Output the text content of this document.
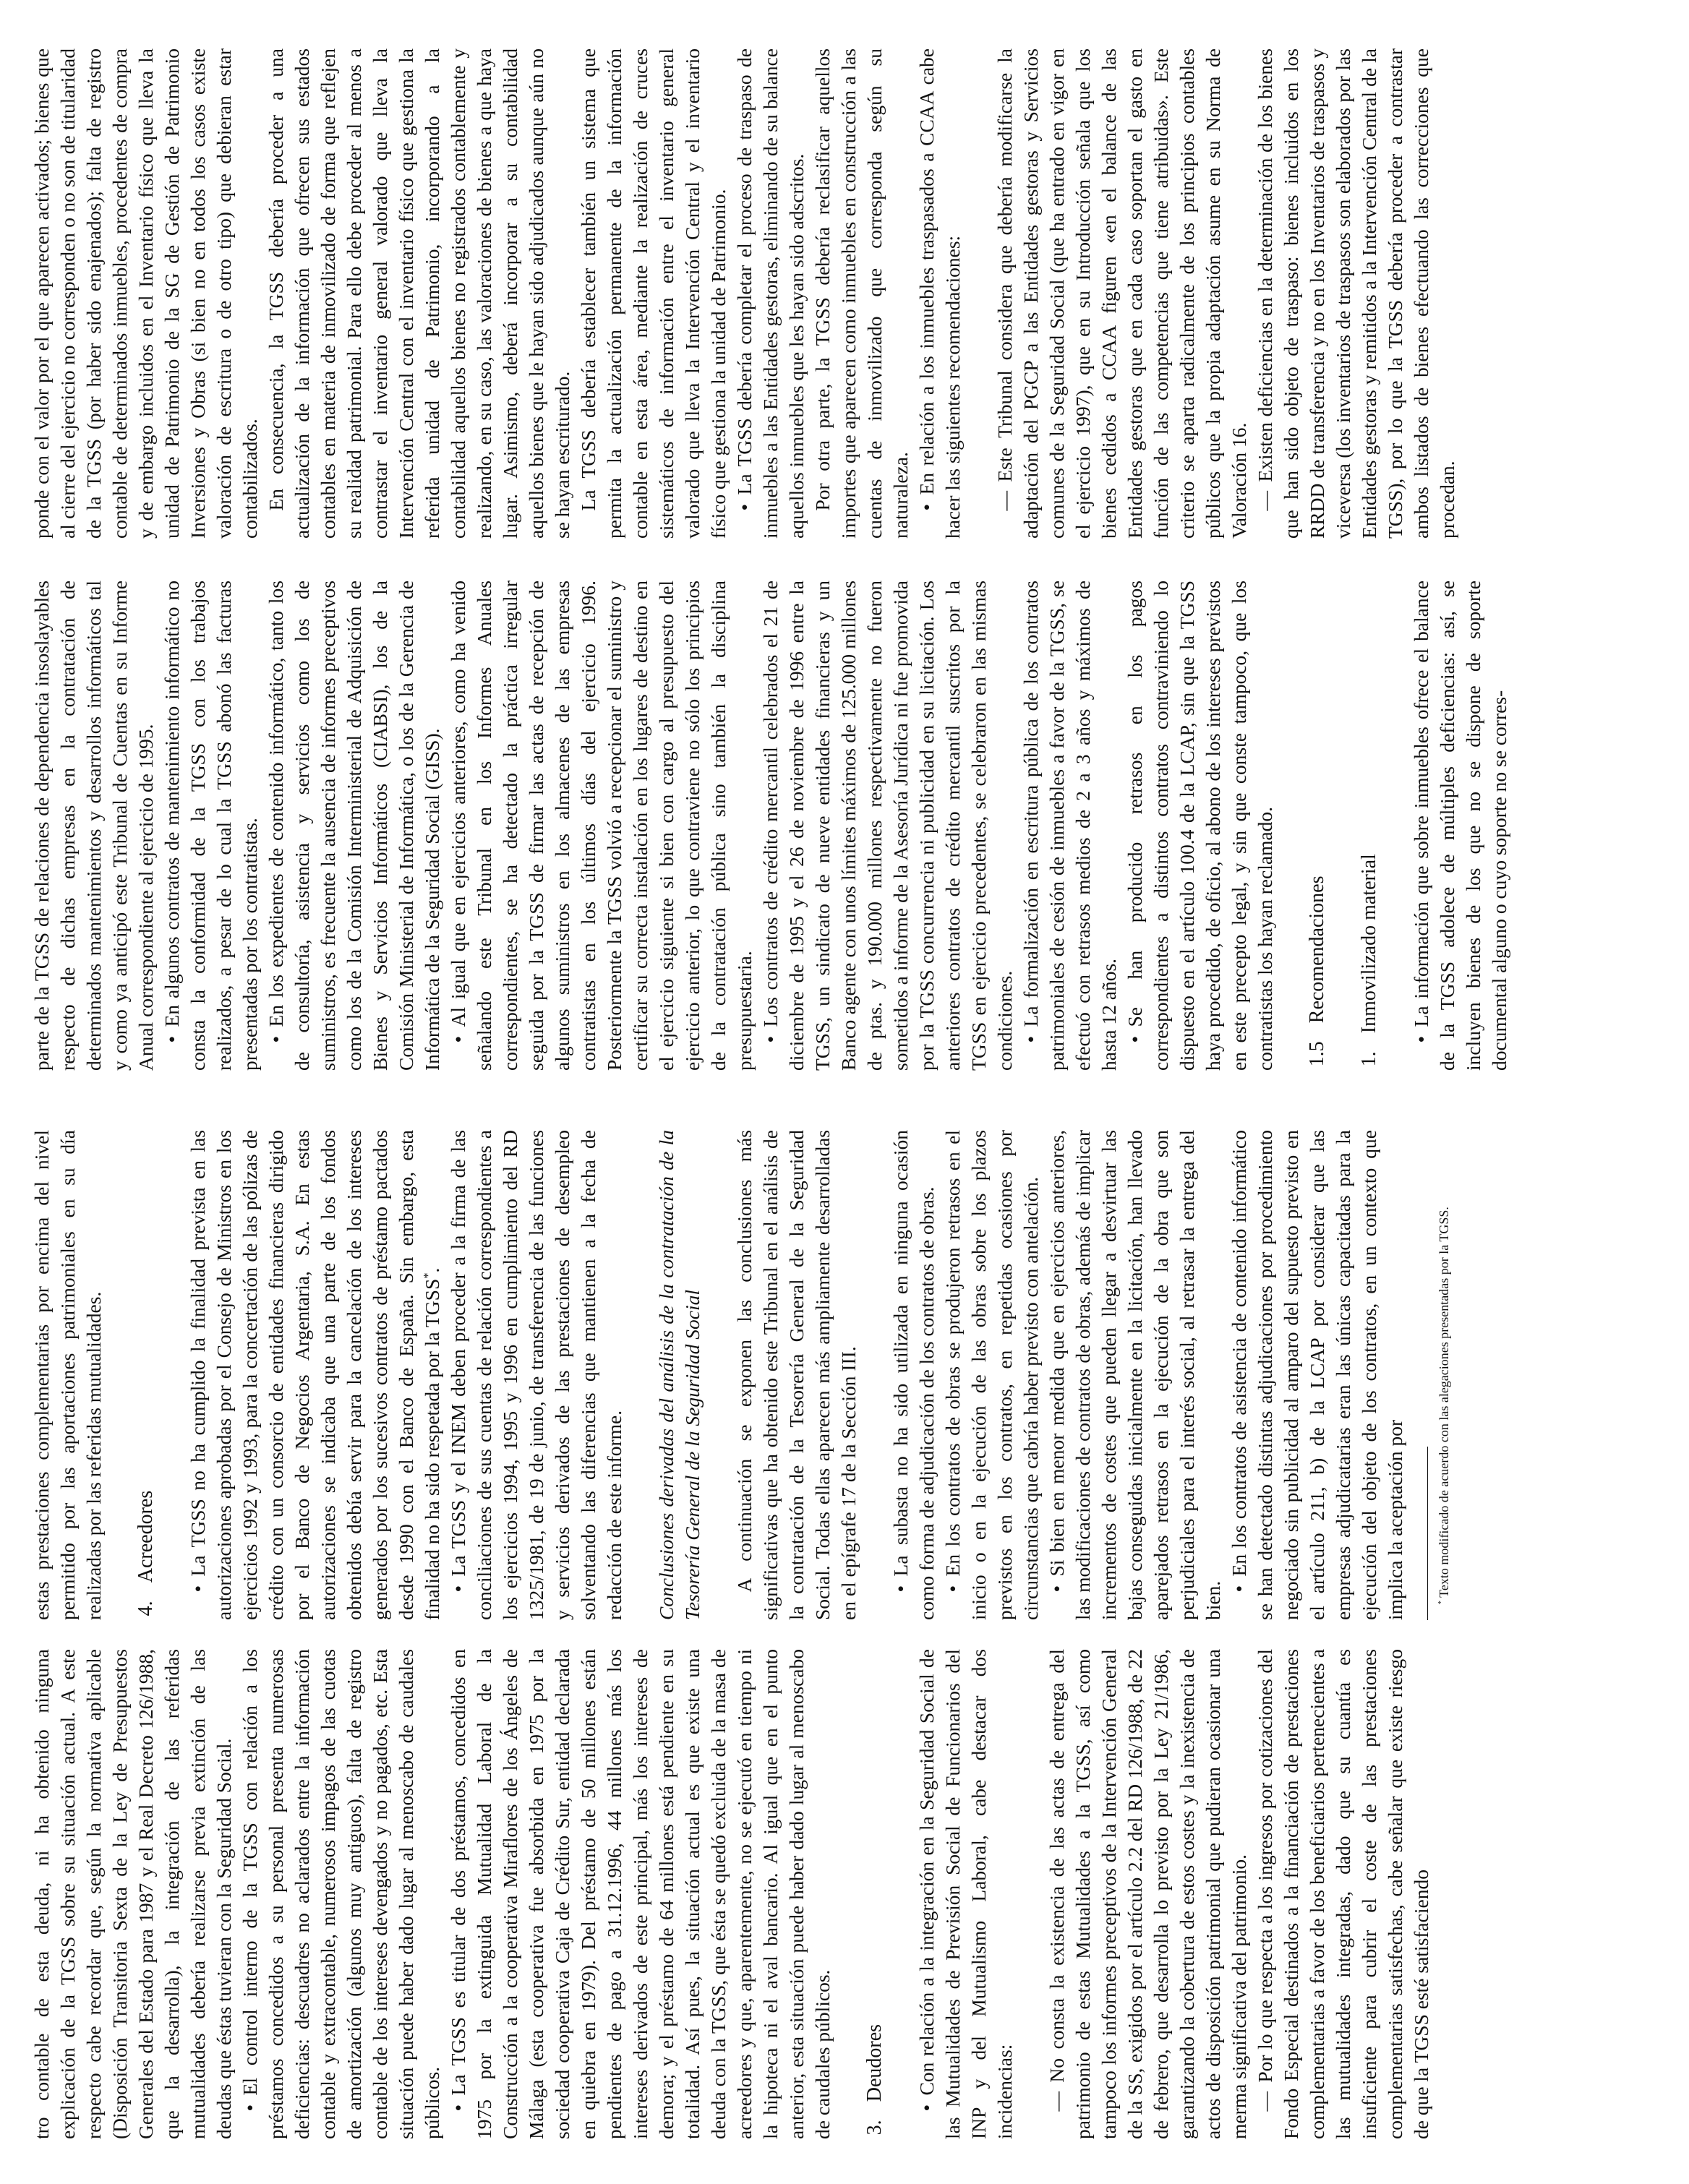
tro contable de esta deuda, ni ha obtenido ninguna explicación de la TGSS sobre su situación actual. A este respecto cabe recordar que, según la normativa aplicable (Disposición Transitoria Sexta de la Ley de Presupuestos Generales del Estado para 1987 y el Real Decreto 126/1988, que la desarrolla), la integración de las referidas mutualidades debería realizarse previa extinción de las deudas que éstas tuvieran con la Seguridad Social. • El control interno de la TGSS con relación a los préstamos concedidos a su personal presenta numerosas deficiencias: descuadres no aclarados entre la información contable y extracontable, numerosos impagos de las cuotas de amortización (algunos muy antiguos), falta de registro contable de los intereses devengados y no pagados, etc. Esta situación puede haber dado lugar al menoscabo de caudales públicos.

• La TGSS es titular de dos préstamos, concedidos en 1975 por la extinguida Mutualidad Laboral de la Construcción a la cooperativa Miraflores de los Ángeles de Málaga (esta cooperativa fue absorbida en 1975 por la sociedad cooperativa Caja de Crédito Sur, entidad declarada en quiebra en 1979). Del préstamo de 50 millones están pendientes de pago a 31.12.1996, 44 millones más los intereses derivados de este principal, más los intereses de demora; y el préstamo de 64 millones está pendiente en su totalidad. Así pues, la situación actual es que existe una deuda con la TGSS, que ésta se quedó excluida de la masa de acreedores y que, aparentemente, no se ejecutó en tiempo ni la hipoteca ni el aval bancario. Al igual que en el punto anterior, esta situación puede haber dado lugar al menoscabo de caudales públicos. 3.Deudores • Con relación a la integración en la Seguridad Social de las Mutualidades de Previsión Social de Funcionarios del INP y del Mutualismo Laboral, cabe destacar dos incidencias:

— No consta la existencia de las actas de entrega del patrimonio de estas Mutualidades a la TGSS, así como tampoco los informes preceptivos de la Intervención General de la SS, exigidos por el artículo 2.2 del RD 126/1988, de 22 de febrero, que desarrolla lo previsto por la Ley 21/1986, garantizando la cobertura de estos costes y la inexistencia de actos de disposición patrimonial que pudieran ocasionar una merma significativa del patrimonio. — Por lo que respecta a los ingresos por cotizaciones del Fondo Especial destinados a la financiación de prestaciones complementarias a favor de los beneficiarios pertenecientes a las mutualidades integradas, dado que su cuantía es insuficiente para cubrir el coste de las prestaciones complementarias satisfechas, cabe señalar que existe riesgo de que la TGSS esté satisfaciendo

estas prestaciones complementarias por encima del nivel permitido por las aportaciones patrimoniales en su día realizadas por las referidas mutualidades. 4.Acreedores • La TGSS no ha cumplido la finalidad prevista en las autorizaciones aprobadas por el Consejo de Ministros en los ejercicios 1992 y 1993, para la concertación de las pólizas de crédito con un consorcio de entidades financieras dirigido por el Banco de Negocios Argentaria, S.A. En estas autorizaciones se indicaba que una parte de los fondos obtenidos debía servir para la cancelación de los intereses generados por los sucesivos contratos de préstamo pactados desde 1990 con el Banco de España. Sin embargo, esta finalidad no ha sido respetada por la TGSS*. • La TGSS y el INEM deben proceder a la firma de las conciliaciones de sus cuentas de relación correspondientes a los ejercicios 1994, 1995 y 1996 en cumplimiento del RD 1325/1981, de 19 de junio, de transferencia de las funciones y servicios derivados de las prestaciones de desempleo solventando las diferencias que mantienen a la fecha de redacción de este informe. Conclusiones derivadas del análisis de la contratación de la Tesorería General de la Seguridad Social A continuación se exponen las conclusiones más significativas que ha obtenido este Tribunal en el análisis de la contratación de la Tesorería General de la Seguridad Social. Todas ellas aparecen más ampliamente desarrolladas en el epígrafe 17 de la Sección III. • La subasta no ha sido utilizada en ninguna ocasión como forma de adjudicación de los contratos de obras. • En los contratos de obras se produjeron retrasos en el inicio o en la ejecución de las obras sobre los plazos previstos en los contratos, en repetidas ocasiones por circunstancias que cabría haber previsto con antelación. • Si bien en menor medida que en ejercicios anteriores, las modificaciones de contratos de obras, además de implicar incrementos de costes que pueden llegar a desvirtuar las bajas conseguidas inicialmente en la licitación, han llevado aparejados retrasos en la ejecución de la obra que son perjudiciales para el interés social, al retrasar la entrega del bien.

• En los contratos de asistencia de contenido informático se han detectado distintas adjudicaciones por procedimiento negociado sin publicidad al amparo del supuesto previsto en el artículo 211, b) de la LCAP por considerar que las empresas adjudicatarias eran las únicas capacitadas para la ejecución del objeto de los contratos, en un contexto que implica la aceptación por	* Texto modificado de acuerdo con las alegaciones presentadas por la TGSS.

parte de la TGSS de relaciones de dependencia insoslayables respecto de dichas empresas en la contratación de determinados mantenimientos y desarrollos informáticos tal y como ya anticipó este Tribunal de Cuentas en su Informe Anual correspondiente al ejercicio de 1995. • En algunos contratos de mantenimiento informático no consta la conformidad de la TGSS con los trabajos realizados, a pesar de lo cual la TGSS abonó las facturas presentadas por los contratistas. • En los expedientes de contenido informático, tanto los de consultoría, asistencia y servicios como los de suministros, es frecuente la ausencia de informes preceptivos como los de la Comisión Interministerial de Adquisición de Bienes y Servicios Informáticos (CIABSI), los de la Comisión Ministerial de Informática, o los de la Gerencia de Informática de la Seguridad Social (GISS). • Al igual que en ejercicios anteriores, como ha venido señalando este Tribunal en los Informes Anuales correspondientes, se ha detectado la práctica irregular seguida por la TGSS de firmar las actas de recepción de algunos suministros en los almacenes de las empresas contratistas en los últimos días del ejercicio 1996. Posteriormente la TGSS volvió a recepcionar el suministro y certificar su correcta instalación en los lugares de destino en el ejercicio siguiente si bien con cargo al presupuesto del ejercicio anterior, lo que contraviene no sólo los principios de la contratación pública sino también la disciplina presupuestaria. • Los contratos de crédito mercantil celebrados el 21 de diciembre de 1995 y el 26 de noviembre de 1996 entre la TGSS, un sindicato de nueve entidades financieras y un Banco agente con unos límites máximos de 125.000 millones de ptas. y 190.000 millones respectivamente no fueron sometidos a informe de la Asesoría Jurídica ni fue promovida por la TGSS concurrencia ni publicidad en su licitación. Los anteriores contratos de crédito mercantil suscritos por la TGSS en ejercicio precedentes, se celebraron en las mismas condiciones. • La formalización en escritura pública de los contratos patrimoniales de cesión de inmuebles a favor de la TGSS, se efectuó con retrasos medios de 2 a 3 años y máximos de hasta 12 años. • Se han producido retrasos en los pagos correspondientes a distintos contratos contraviniendo lo dispuesto en el artículo 100.4 de la LCAP, sin que la TGSS haya procedido, de oficio, al abono de los intereses previstos en este precepto legal, y sin que conste tampoco, que los contratistas los hayan reclamado. 1.5Recomendaciones

1.Inmovilizado material • La información que sobre inmuebles ofrece el balance de la TGSS adolece de múltiples deficiencias: así, se incluyen bienes de los que no se dispone de soporte documental alguno o cuyo soporte no se corres-

ponde con el valor por el que aparecen activados; bienes que al cierre del ejercicio no corresponden o no son de titularidad de la TGSS (por haber sido enajenados); falta de registro contable de determinados inmuebles, procedentes de compra y de embargo incluidos en el Inventario físico que lleva la unidad de Patrimonio de la SG de Gestión de Patrimonio Inversiones y Obras (si bien no en todos los casos existe valoración de escritura o de otro tipo) que debieran estar contabilizados. En consecuencia, la TGSS debería proceder a una actualización de la información que ofrecen sus estados contables en materia de inmovilizado de forma que reflejen su realidad patrimonial. Para ello debe proceder al menos a contrastar el inventario general valorado que lleva la Intervención Central con el inventario físico que gestiona la referida unidad de Patrimonio, incorporando a la contabilidad aquellos bienes no registrados contablemente y realizando, en su caso, las valoraciones de bienes a que haya lugar. Asimismo, deberá incorporar a su contabilidad aquellos bienes que le hayan sido adjudicados aunque aún no se hayan escriturado. La TGSS debería establecer también un sistema que permita la actualización permanente de la información contable en esta área, mediante la realización de cruces sistemáticos de información entre el inventario general valorado que lleva la Intervención Central y el inventario físico que gestiona la unidad de Patrimonio. • La TGSS debería completar el proceso de traspaso de inmuebles a las Entidades gestoras, eliminando de su balance aquellos inmuebles que les hayan sido adscritos. Por otra parte, la TGSS debería reclasificar aquellos importes que aparecen como inmuebles en construcción a las cuentas de inmovilizado que corresponda según su naturaleza.

• En relación a los inmuebles traspasados a CCAA cabe hacer las siguientes recomendaciones: — Este Tribunal considera que debería modificarse la adaptación del PGCP a las Entidades gestoras y Servicios comunes de la Seguridad Social (que ha entrado en vigor en el ejercicio 1997), que en su Introducción señala que los bienes cedidos a CCAA figuren «en el balance de las Entidades gestoras que en cada caso soportan el gasto en función de las competencias que tiene atribuidas». Este criterio se aparta radicalmente de los principios contables públicos que la propia adaptación asume en su Norma de Valoración 16. — Existen deficiencias en la determinación de los bienes que han sido objeto de traspaso: bienes incluidos en los RRDD de transferencia y no en los Inventarios de traspasos y viceversa (los inventarios de traspasos son elaborados por las Entidades gestoras y remitidos a la Intervención Central de la TGSS), por lo que la TGSS debería proceder a contrastar ambos listados de bienes efectuando las correcciones que procedan.
